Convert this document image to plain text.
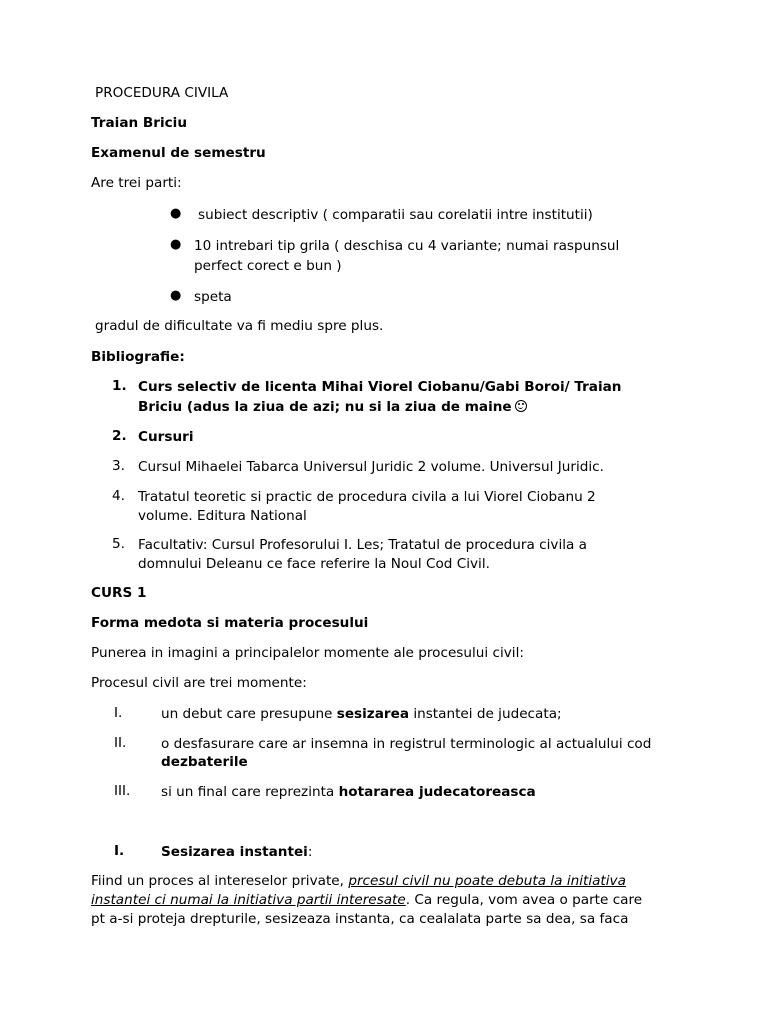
PROCEDURA CIVILA

Traian Briciu

Examenul de semestru

Are trei parti:

● subiect descriptiv ( comparatii sau corelatii intre institutii)
● 10 intrebari tip grila ( deschisa cu 4 variante; numai raspunsul
perfect corect e bun )
● speta

gradul de dificultate va fi mediu spre plus.

Bibliografie:

1. Curs selectiv de licenta Mihai Viorel Ciobanu/Gabi Boroi/ Traian
Briciu (adus la ziua de azi; nu si la ziua de maine
2. Cursuri
3. Cursul Mihaelei Tabarca Universul Juridic 2 volume. Universul Juridic.
4. Tratatul teoretic si practic de procedura civila a lui Viorel Ciobanu 2
volume. Editura National
5. Facultativ: Cursul Profesorului I. Les; Tratatul de procedura civila a
domnului Deleanu ce face referire la Noul Cod Civil.

CURS 1

Forma medota si materia procesului

Punerea in imagini a principalelor momente ale procesului civil:

Procesul civil are trei momente:

I.	un debut care presupune sesizarea instantei de judecata;
II.	o desfasurare care ar insemna in registrul terminologic al actualului cod
dezbaterile
III. si un final care reprezinta hotararea judecatoreasca
I.	Sesizarea instantei:

Fiind un proces al intereselor private, prcesul civil nu poate debuta la initiativa

instantei ci numai la initiativa partii interesate. Ca regula, vom avea o parte care

pt a-si proteja drepturile, sesizeaza instanta, ca cealalata parte sa dea, sa faca
